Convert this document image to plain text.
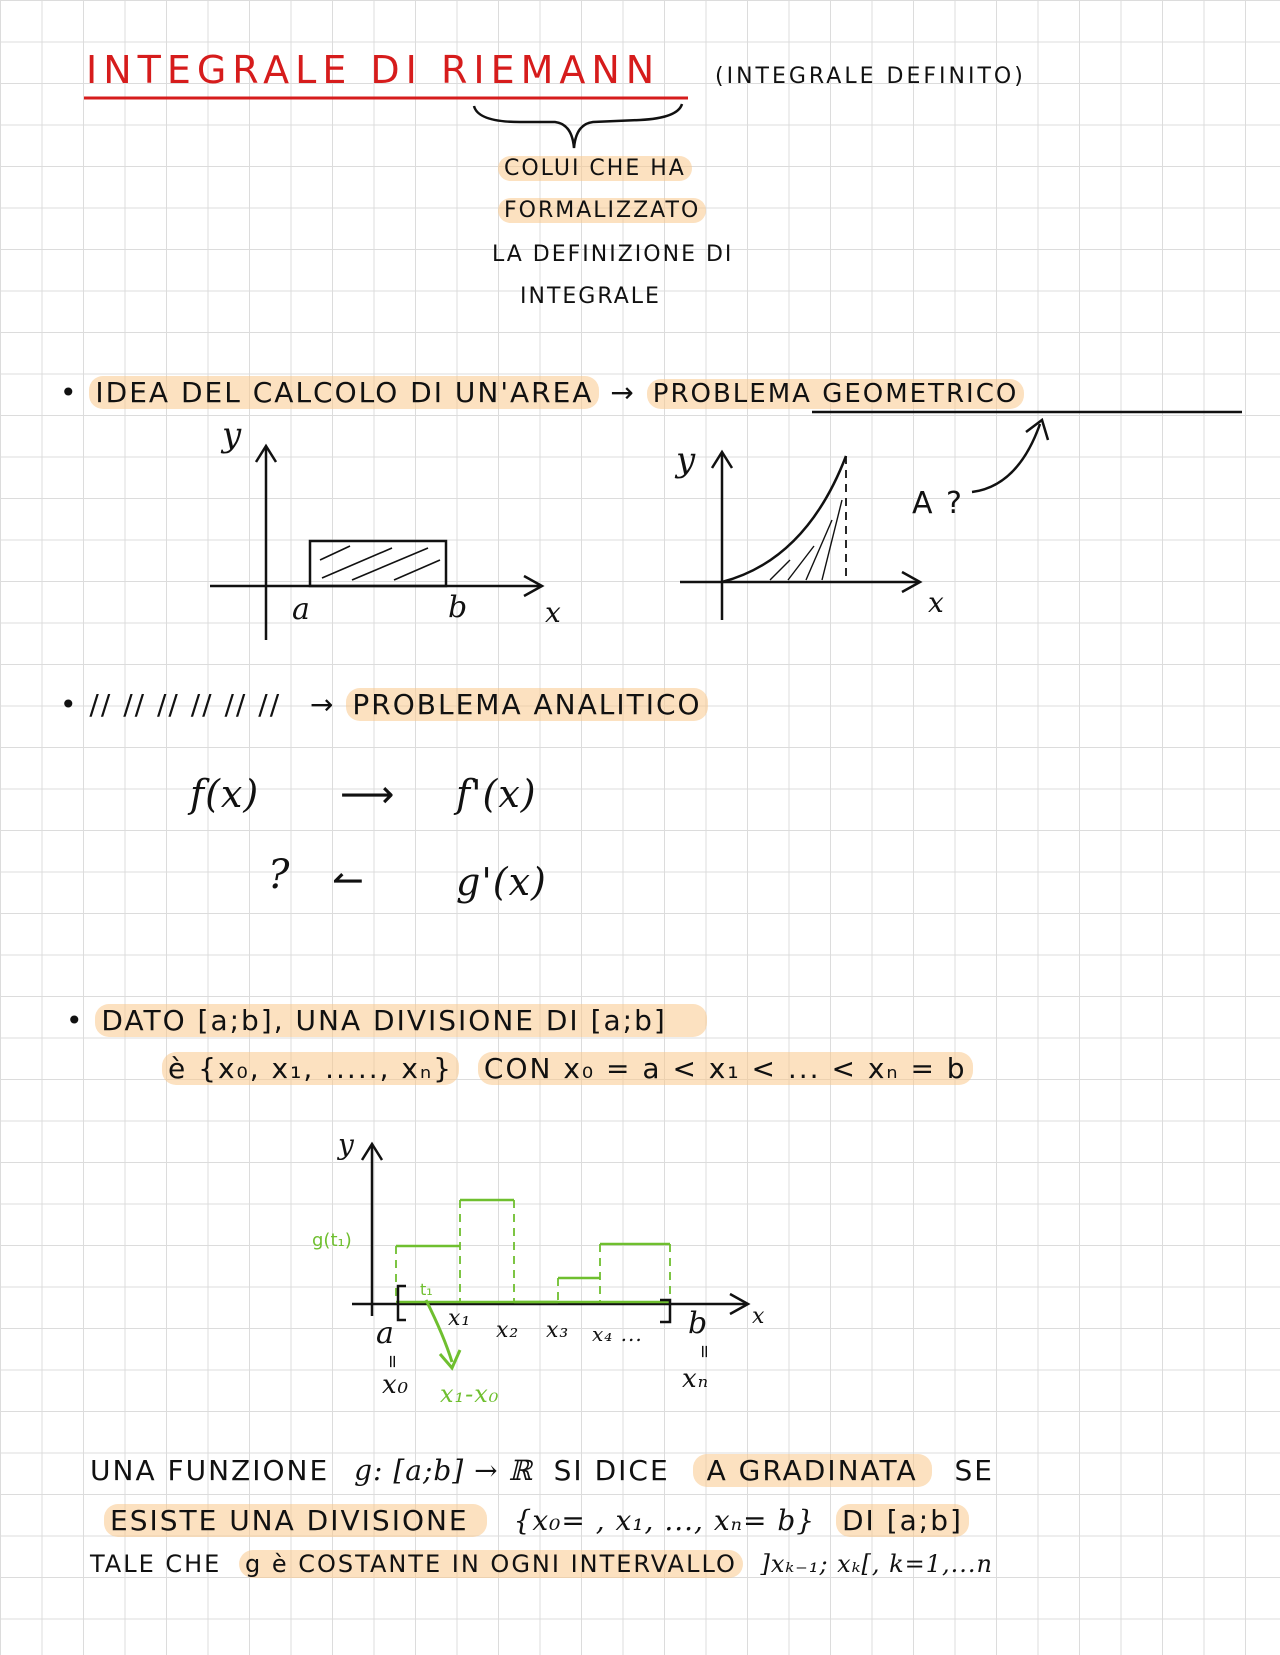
INTEGRALE DI RIEMANN (INTEGRALE DEFINITO)
COLUI CHE HA
FORMALIZZATO
LA DEFINIZIONE DI
INTEGRALE
• IDEA DEL CALCOLO DI UN'AREA → PROBLEMA GEOMETRICO
y
a	b	x
y
x
A ?
• // // // // // // → PROBLEMA ANALITICO
f(x) ⟶ f'(x)
? ↼ g'(x)
• DATO [a;b], UNA DIVISIONE DI [a;b]
è {x₀, x₁, ....., xₙ} CON x₀ = a < x₁ < ... < xₙ = b
y
g(t₁)
t₁
x₁ x₂ x₃ x₄ ...
a	b x
=
=
x₀	xₙ
x₁-x₀
UNA FUNZIONE g: [a;b] → ℝ SI DICE A GRADINATA SE
ESISTE UNA DIVISIONE {x₀= , x₁, ..., xₙ= b} DI [a;b]
TALE CHE g è COSTANTE IN OGNI INTERVALLO ]xₖ₋₁; xₖ[, k=1,...n
